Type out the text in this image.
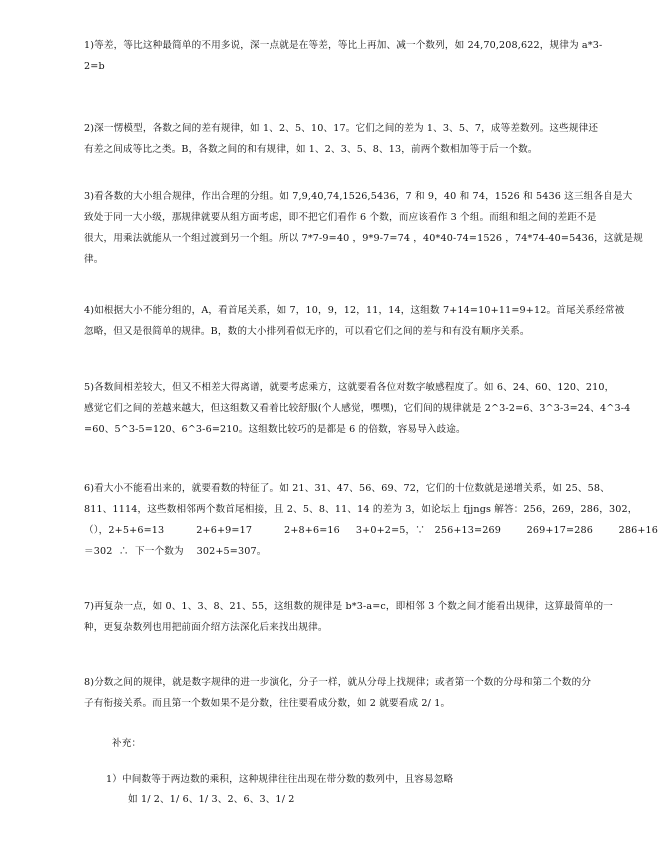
1)等差，等比这种最简单的不用多说，深一点就是在等差，等比上再加、减一个数列，如 24,70,208,622，规律为 a*3-
2=b
2)深一愣模型，各数之间的差有规律，如 1、2、5、10、17。它们之间的差为 1、3、5、7，成等差数列。这些规律还
有差之间成等比之类。B，各数之间的和有规律，如 1、2、3、5、8、13，前两个数相加等于后一个数。
3)看各数的大小组合规律，作出合理的分组。如 7,9,40,74,1526,5436，7 和 9，40 和 74，1526 和 5436 这三组各自是大
致处于同一大小级，那规律就要从组方面考虑，即不把它们看作 6 个数，而应该看作 3 个组。而组和组之间的差距不是
很大，用乘法就能从一个组过渡到另一个组。所以 7*7-9=40 ，9*9-7=74 ，40*40-74=1526 ，74*74-40=5436，这就是规
律。
4)如根据大小不能分组的，A，看首尾关系，如 7，10，9，12，11，14，这组数 7+14=10+11=9+12。首尾关系经常被
忽略，但又是很简单的规律。B，数的大小排列看似无序的，可以看它们之间的差与和有没有顺序关系。
5)各数间相差较大，但又不相差大得离谱，就要考虑乘方，这就要看各位对数字敏感程度了。如 6、24、60、120、210，
感觉它们之间的差越来越大，但这组数又看着比较舒服(个人感觉，嘿嘿)，它们间的规律就是 2^3-2=6、3^3-3=24、4^3-4
=60、5^3-5=120、6^3-6=210。这组数比较巧的是都是 6 的倍数，容易导入歧途。
6)看大小不能看出来的，就要看数的特征了。如 21、31、47、56、69、72，它们的十位数就是递增关系，如 25、58、
811、1114，这些数相邻两个数首尾相接，且 2、5、8、11、14 的差为 3，如论坛上 fjjngs 解答：256，269，286，302，
（），2+5+6=13          2+6+9=17          2+8+6=16     3+0+2=5，∵   256+13=269        269+17=286        286+16
＝302  ∴  下一个数为    302+5=307。
7)再复杂一点，如 0、1、3、8、21、55，这组数的规律是 b*3-a=c，即相邻 3 个数之间才能看出规律，这算最简单的一
种，更复杂数列也用把前面介绍方法深化后来找出规律。
8)分数之间的规律，就是数字规律的进一步演化，分子一样，就从分母上找规律；或者第一个数的分母和第二个数的分
子有衔接关系。而且第一个数如果不是分数，往往要看成分数，如 2 就要看成 2/ 1。
补充：
1）中间数等于两边数的乘积，这种规律往往出现在带分数的数列中，且容易忽略
如 1/ 2、1/ 6、1/ 3、2、6、3、1/ 2
